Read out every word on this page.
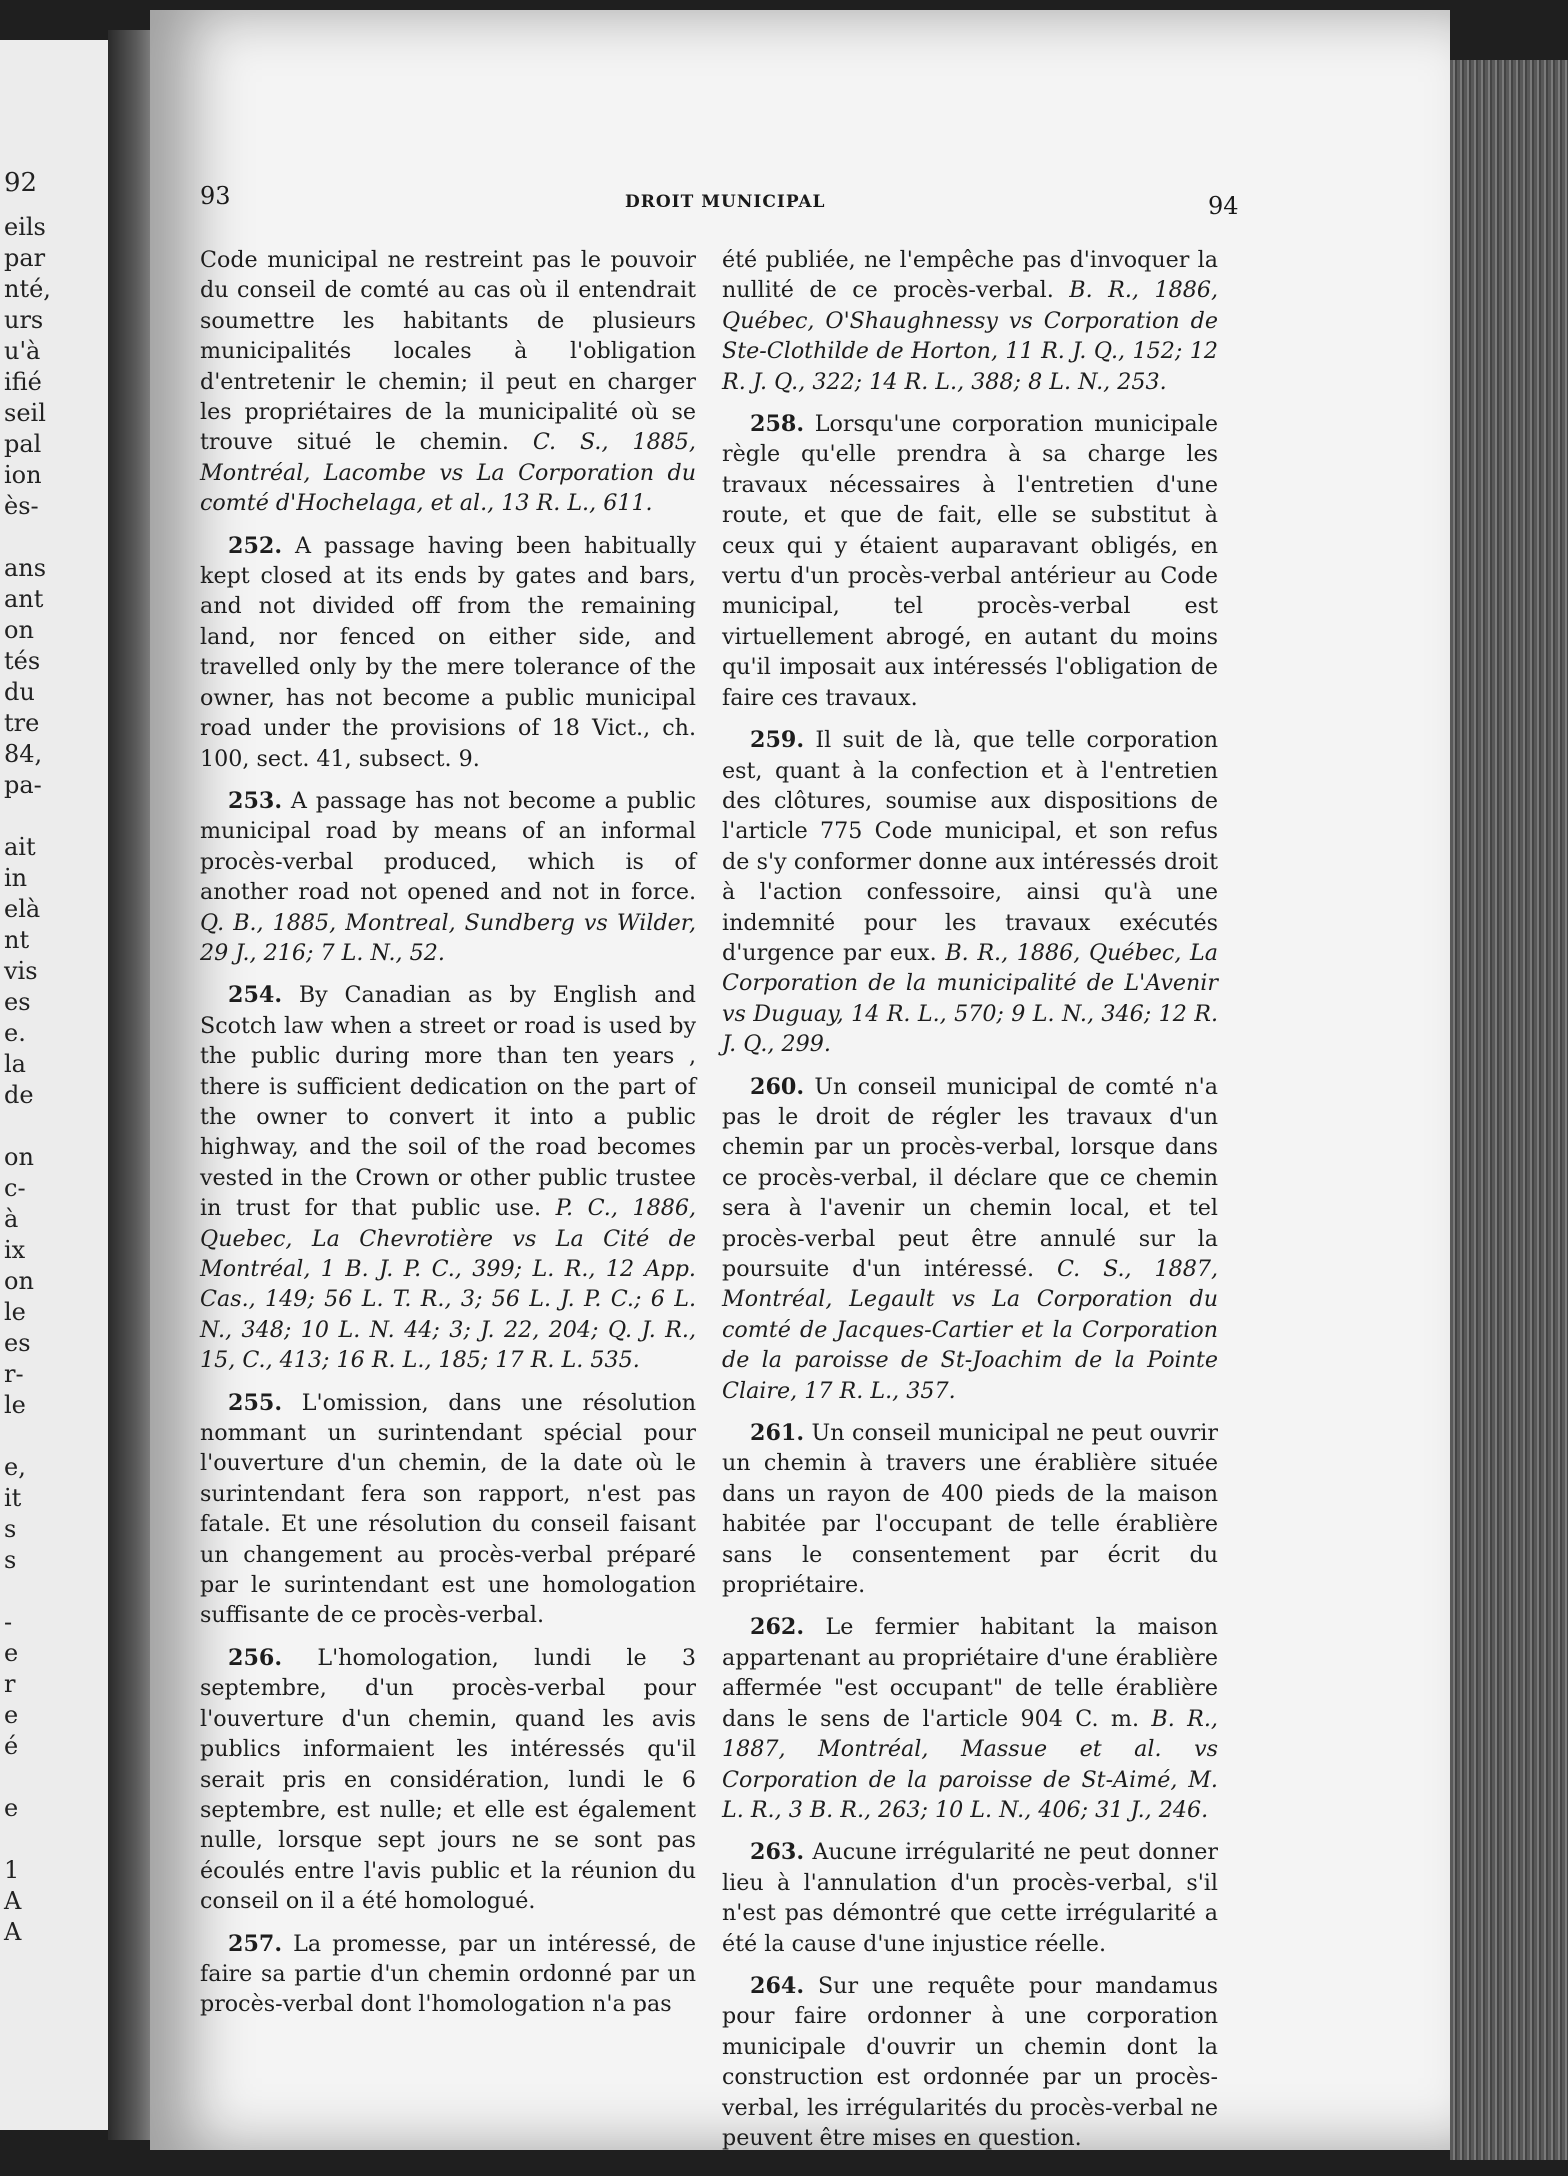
92
eils
par
nté,
urs
u'à
ifié
seil
pal
ion
ès-
ans
ant
on
tés
du
tre
84,
pa-
ait
in
elà
nt
vis
es
e.
la
de
on
c-
à
ix
on
le
es
r-
le
e,
it
s
s
-
e
r
e
é
e
1
A
A
93	DROIT MUNICIPAL	94

Code municipal ne restreint pas le pouvoir du conseil de comté au cas où il entendrait soumettre les habitants de plusieurs municipalités locales à l'obligation d'entretenir le chemin; il peut en charger les propriétaires de la municipalité où se trouve situé le chemin. C. S., 1885, Montréal, Lacombe vs La Corporation du comté d'Hochelaga, et al., 13 R. L., 611.

252. A passage having been habitually kept closed at its ends by gates and bars, and not divided off from the remaining land, nor fenced on either side, and travelled only by the mere tolerance of the owner, has not become a public municipal road under the provisions of 18 Vict., ch. 100, sect. 41, subsect. 9.

253. A passage has not become a public municipal road by means of an informal procès-verbal produced, which is of another road not opened and not in force. Q. B., 1885, Montreal, Sundberg vs Wilder, 29 J., 216; 7 L. N., 52.

254. By Canadian as by English and Scotch law when a street or road is used by the public during more than ten years , there is sufficient dedication on the part of the owner to convert it into a public highway, and the soil of the road becomes vested in the Crown or other public trustee in trust for that public use. P. C., 1886, Quebec, La Chevrotière vs La Cité de Montréal, 1 B. J. P. C., 399; L. R., 12 App. Cas., 149; 56 L. T. R., 3; 56 L. J. P. C.; 6 L. N., 348; 10 L. N. 44; 3; J. 22, 204; Q. J. R., 15, C., 413; 16 R. L., 185; 17 R. L. 535.

255. L'omission, dans une résolution nommant un surintendant spécial pour l'ouverture d'un chemin, de la date où le surintendant fera son rapport, n'est pas fatale. Et une résolution du conseil faisant un changement au procès-verbal préparé par le surintendant est une homologation suffisante de ce procès-verbal.

256. L'homologation, lundi le 3 septembre, d'un procès-verbal pour l'ouverture d'un chemin, quand les avis publics informaient les intéressés qu'il serait pris en considération, lundi le 6 septembre, est nulle; et elle est également nulle, lorsque sept jours ne se sont pas écoulés entre l'avis public et la réunion du conseil on il a été homologué.

257. La promesse, par un intéressé, de faire sa partie d'un chemin ordonné par un procès-verbal dont l'homologation n'a pas

été publiée, ne l'empêche pas d'invoquer la nullité de ce procès-verbal. B. R., 1886, Québec, O'Shaughnessy vs Corporation de Ste-Clothilde de Horton, 11 R. J. Q., 152; 12 R. J. Q., 322; 14 R. L., 388; 8 L. N., 253.

258. Lorsqu'une corporation municipale règle qu'elle prendra à sa charge les travaux nécessaires à l'entretien d'une route, et que de fait, elle se substitut à ceux qui y étaient auparavant obligés, en vertu d'un procès-verbal antérieur au Code municipal, tel procès-verbal est virtuellement abrogé, en autant du moins qu'il imposait aux intéressés l'obligation de faire ces travaux.

259. Il suit de là, que telle corporation est, quant à la confection et à l'entretien des clôtures, soumise aux dispositions de l'article 775 Code municipal, et son refus de s'y conformer donne aux intéressés droit à l'action confessoire, ainsi qu'à une indemnité pour les travaux exécutés d'urgence par eux. B. R., 1886, Québec, La Corporation de la municipalité de L'Avenir vs Duguay, 14 R. L., 570; 9 L. N., 346; 12 R. J. Q., 299.

260. Un conseil municipal de comté n'a pas le droit de régler les travaux d'un chemin par un procès-verbal, lorsque dans ce procès-verbal, il déclare que ce chemin sera à l'avenir un chemin local, et tel procès-verbal peut être annulé sur la poursuite d'un intéressé. C. S., 1887, Montréal, Legault vs La Corporation du comté de Jacques-Cartier et la Corporation de la paroisse de St-Joachim de la Pointe Claire, 17 R. L., 357.

261. Un conseil municipal ne peut ouvrir un chemin à travers une érablière située dans un rayon de 400 pieds de la maison habitée par l'occupant de telle érablière sans le consentement par écrit du propriétaire.

262. Le fermier habitant la maison appartenant au propriétaire d'une érablière affermée "est occupant" de telle érablière dans le sens de l'article 904 C. m. B. R., 1887, Montréal, Massue et al. vs Corporation de la paroisse de St-Aimé, M. L. R., 3 B. R., 263; 10 L. N., 406; 31 J., 246.

263. Aucune irrégularité ne peut donner lieu à l'annulation d'un procès-verbal, s'il n'est pas démontré que cette irrégularité a été la cause d'une injustice réelle.

264. Sur une requête pour mandamus pour faire ordonner à une corporation municipale d'ouvrir un chemin dont la construction est ordonnée par un procès-verbal, les irrégularités du procès-verbal ne peuvent être mises en question.
